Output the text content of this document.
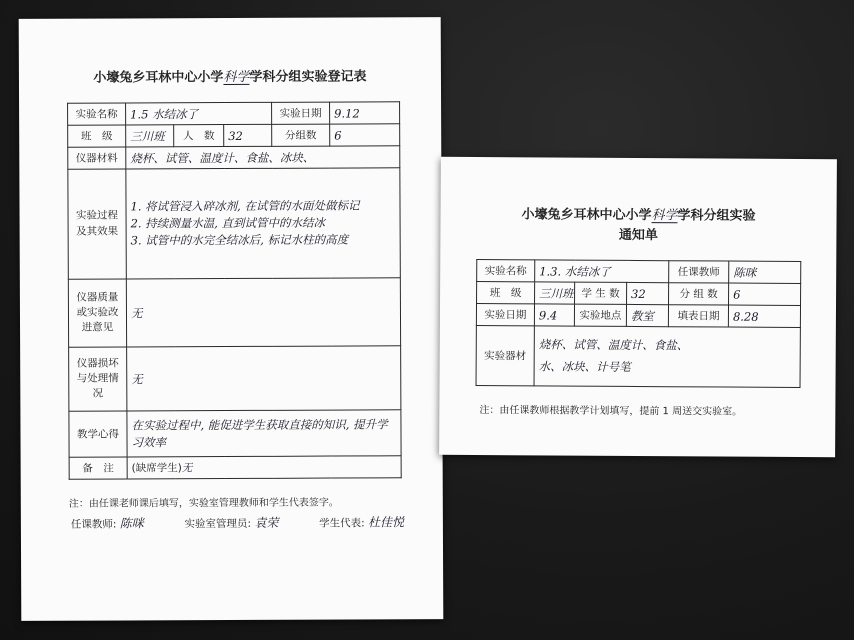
小壕兔乡耳林中心小学科学学科分组实验登记表
实验名称	1.5 水结冰了			实验日期	9.12
班　级	三川班	人　数	32	分组数	6
仪器材料	烧杯、试管、温度计、食盐、冰块、				
实验过程及其效果	1. 将试管浸入碎冰剂, 在试管的水面处做标记
2. 持续测量水温, 直到试管中的水结冰
3. 试管中的水完全结冰后, 标记水柱的高度				

仪器质量或实验改进意见	无				
仪器损坏与处理情况	无				
教学心得	在实验过程中, 能促进学生获取直接的知识, 提升学习效率				
备　注	(缺席学生)无				
注：由任课老师课后填写，实验室管理教师和学生代表签字。
任课教师: 陈咪	实验室管理员: 袁荣	学生代表: 杜佳悦
小壕兔乡耳林中心小学科学学科分组实验
通知单
实验名称	1.3. 水结冰了			任课教师	陈咪
班　级	三川班	学 生 数	32	分 组 数	6
实验日期	9.4	实验地点	教室	填表日期	8.28
实验器材	烧杯、试管、温度计、食盐、
水、冰块、计号笔				
注：由任课教师根据教学计划填写，提前 1 周送交实验室。
